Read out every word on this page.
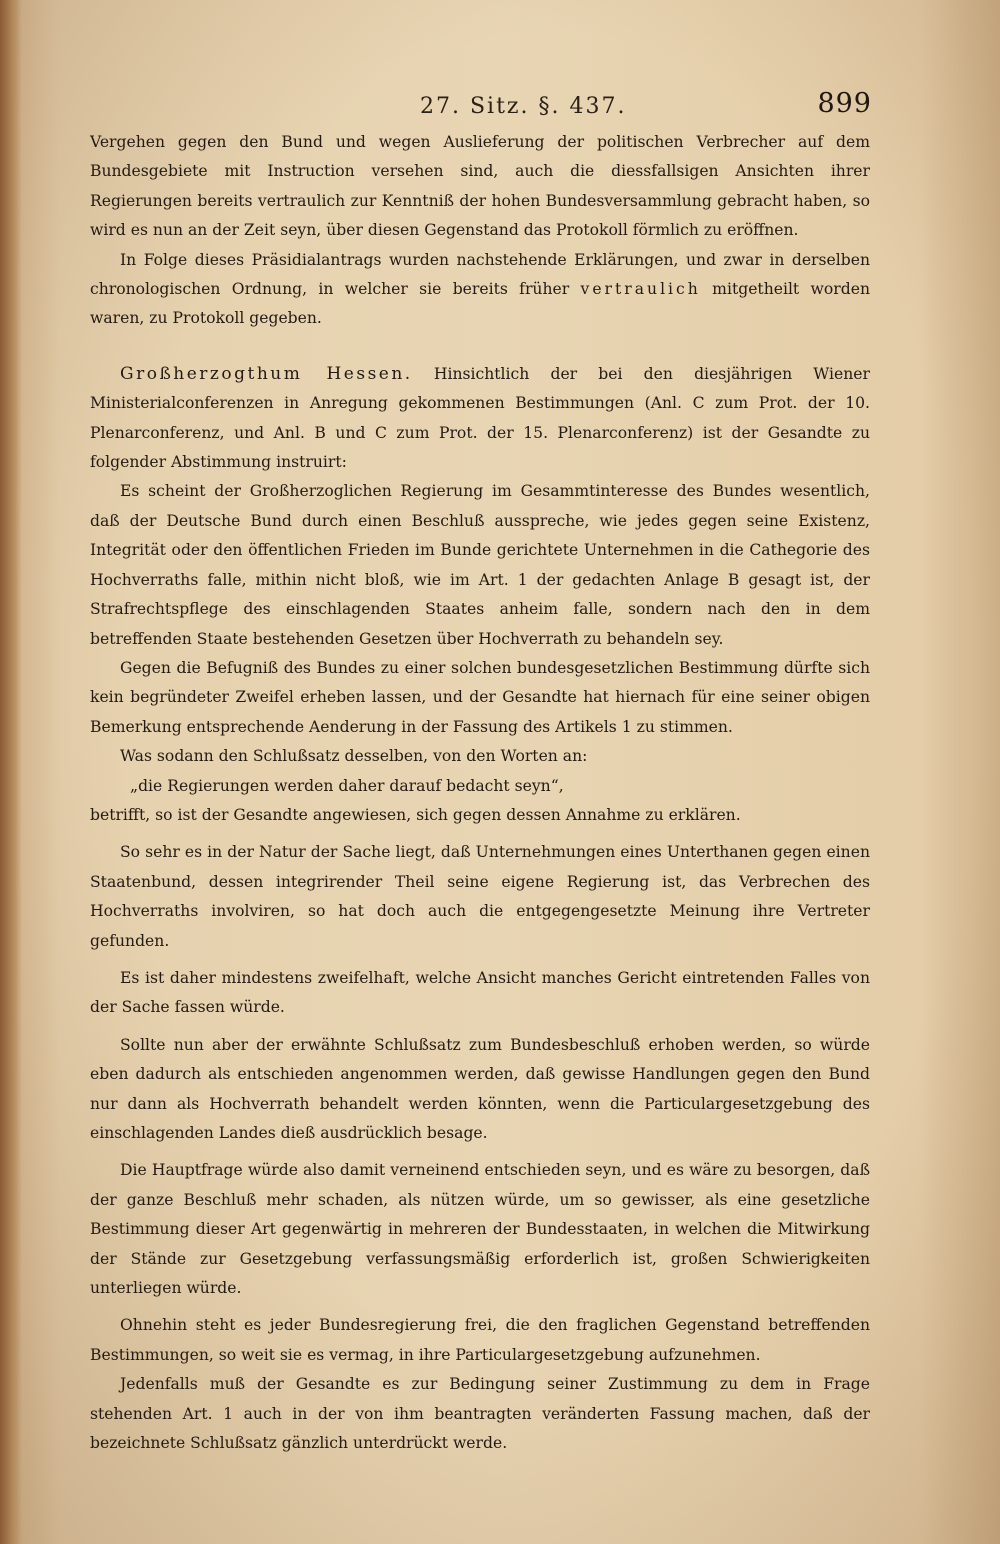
27. Sitz. §. 437.	899

Vergehen gegen den Bund und wegen Auslieferung der politischen Verbrecher auf dem Bundesgebiete mit Instruction versehen sind, auch die diessfallsigen Ansichten ihrer Regierungen bereits vertraulich zur Kenntniß der hohen Bundesversammlung gebracht haben, so wird es nun an der Zeit seyn, über diesen Gegenstand das Protokoll förmlich zu eröffnen.

In Folge dieses Präsidialantrags wurden nachstehende Erklärungen, und zwar in derselben chronologischen Ordnung, in welcher sie bereits früher vertraulich mitgetheilt worden waren, zu Protokoll gegeben.

Großherzogthum Hessen. Hinsichtlich der bei den diesjährigen Wiener Ministerialconferenzen in Anregung gekommenen Bestimmungen (Anl. C zum Prot. der 10. Plenarconferenz, und Anl. B und C zum Prot. der 15. Plenarconferenz) ist der Gesandte zu folgender Abstimmung instruirt:

Es scheint der Großherzoglichen Regierung im Gesammtinteresse des Bundes wesentlich, daß der Deutsche Bund durch einen Beschluß ausspreche, wie jedes gegen seine Existenz, Integrität oder den öffentlichen Frieden im Bunde gerichtete Unternehmen in die Cathegorie des Hochverraths falle, mithin nicht bloß, wie im Art. 1 der gedachten Anlage B gesagt ist, der Strafrechtspflege des einschlagenden Staates anheim falle, sondern nach den in dem betreffenden Staate bestehenden Gesetzen über Hochverrath zu behandeln sey.

Gegen die Befugniß des Bundes zu einer solchen bundesgesetzlichen Bestimmung dürfte sich kein begründeter Zweifel erheben lassen, und der Gesandte hat hiernach für eine seiner obigen Bemerkung entsprechende Aenderung in der Fassung des Artikels 1 zu stimmen.

Was sodann den Schlußsatz desselben, von den Worten an:

„die Regierungen werden daher darauf bedacht seyn“,

betrifft, so ist der Gesandte angewiesen, sich gegen dessen Annahme zu erklären.

So sehr es in der Natur der Sache liegt, daß Unternehmungen eines Unterthanen gegen einen Staatenbund, dessen integrirender Theil seine eigene Regierung ist, das Verbrechen des Hochverraths involviren, so hat doch auch die entgegengesetzte Meinung ihre Vertreter gefunden.

Es ist daher mindestens zweifelhaft, welche Ansicht manches Gericht eintretenden Falles von der Sache fassen würde.

Sollte nun aber der erwähnte Schlußsatz zum Bundesbeschluß erhoben werden, so würde eben dadurch als entschieden angenommen werden, daß gewisse Handlungen gegen den Bund nur dann als Hochverrath behandelt werden könnten, wenn die Particulargesetzgebung des einschlagenden Landes dieß ausdrücklich besage.

Die Hauptfrage würde also damit verneinend entschieden seyn, und es wäre zu besorgen, daß der ganze Beschluß mehr schaden, als nützen würde, um so gewisser, als eine gesetzliche Bestimmung dieser Art gegenwärtig in mehreren der Bundesstaaten, in welchen die Mitwirkung der Stände zur Gesetzgebung verfassungsmäßig erforderlich ist, großen Schwierigkeiten unterliegen würde.

Ohnehin steht es jeder Bundesregierung frei, die den fraglichen Gegenstand betreffenden Bestimmungen, so weit sie es vermag, in ihre Particulargesetzgebung aufzunehmen.

Jedenfalls muß der Gesandte es zur Bedingung seiner Zustimmung zu dem in Frage stehenden Art. 1 auch in der von ihm beantragten veränderten Fassung machen, daß der bezeichnete Schlußsatz gänzlich unterdrückt werde.
